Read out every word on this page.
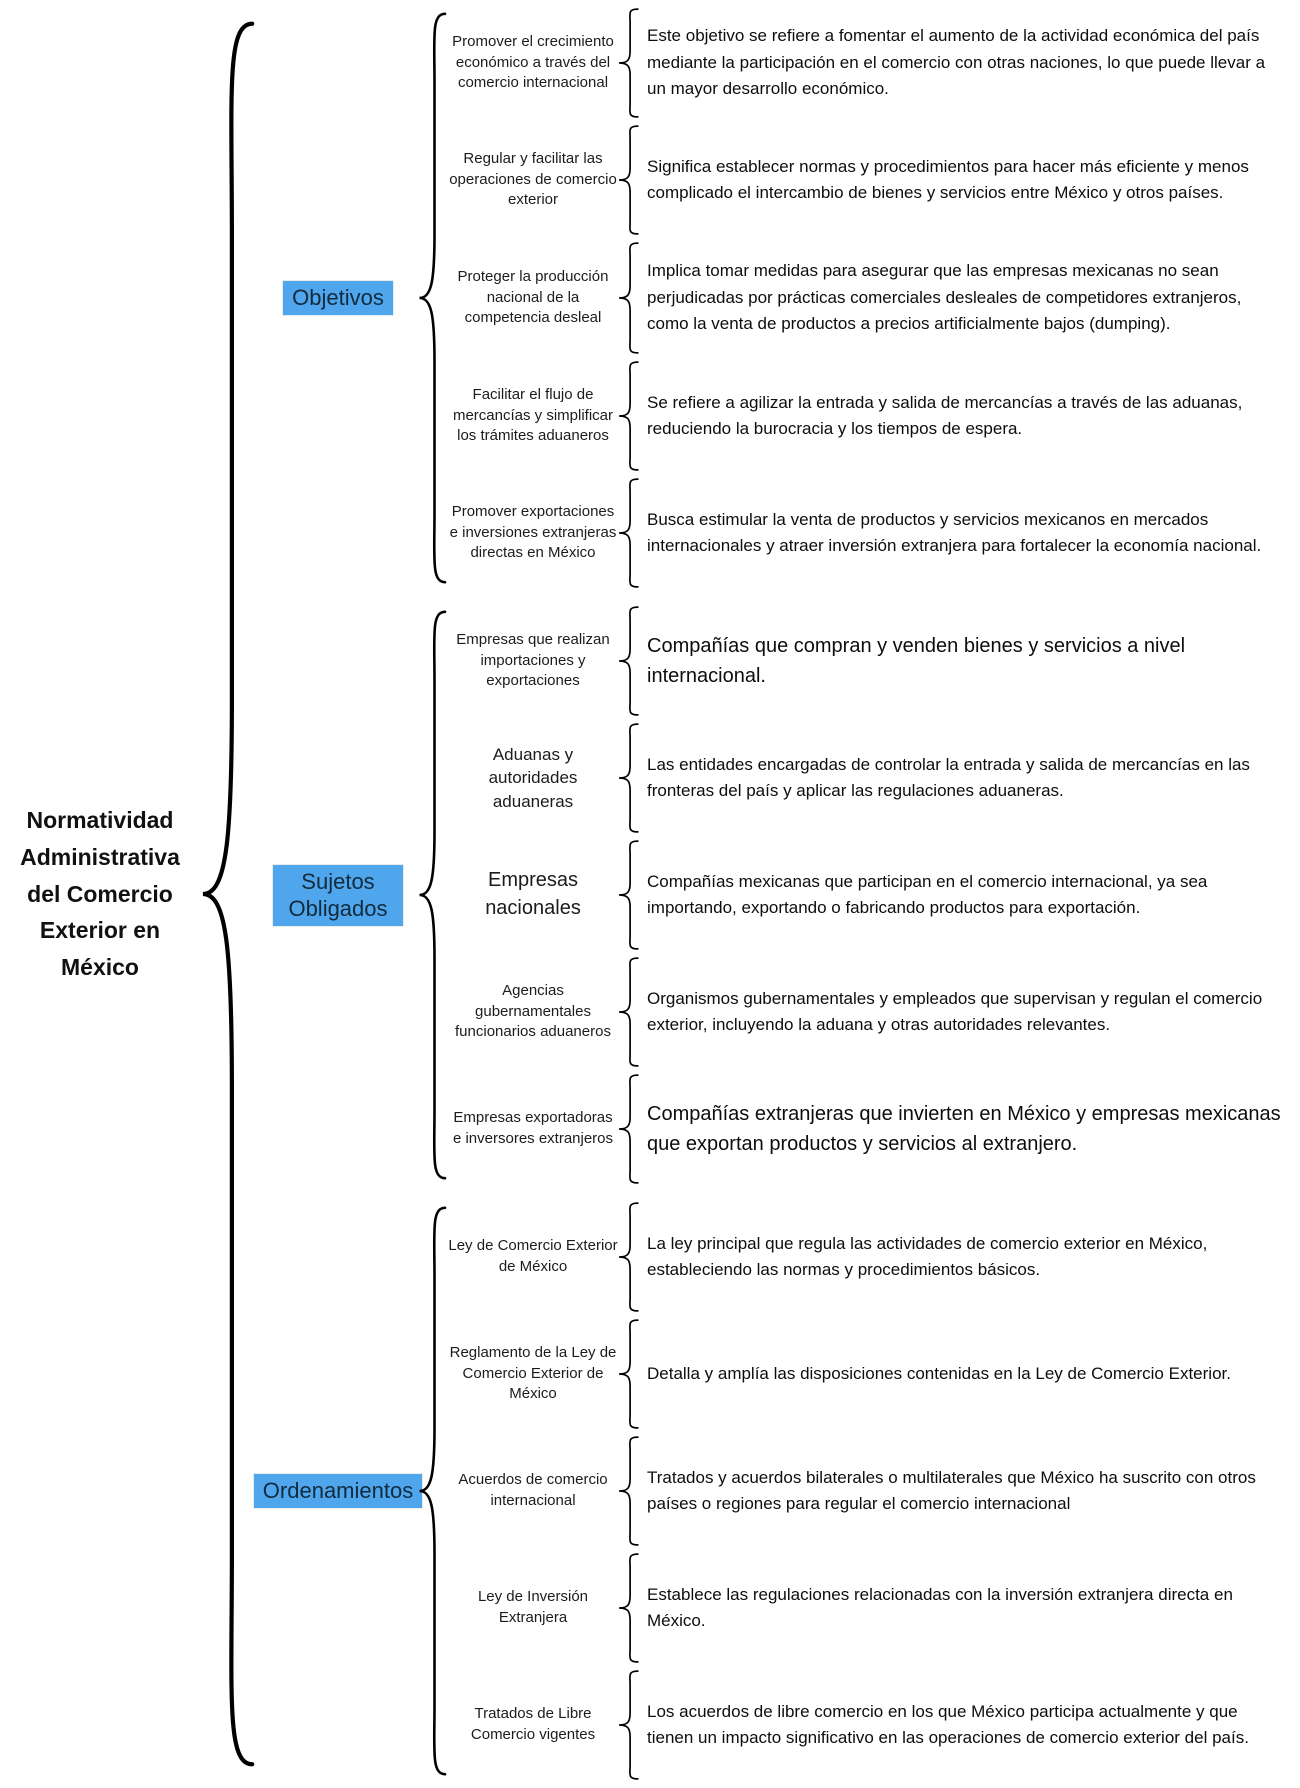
Normatividad Administrativa del Comercio Exterior en México
Objetivos
Promover el crecimiento económico a través del comercio internacional
Este objetivo se refiere a fomentar el aumento de la actividad económica del país mediante la participación en el comercio con otras naciones, lo que puede llevar a un mayor desarrollo económico.
Regular y facilitar las operaciones de comercio exterior
Significa establecer normas y procedimientos para hacer más eficiente y menos complicado el intercambio de bienes y servicios entre México y otros países.
Proteger la producción nacional de la competencia desleal
Implica tomar medidas para asegurar que las empresas mexicanas no sean perjudicadas por prácticas comerciales desleales de competidores extranjeros, como la venta de productos a precios artificialmente bajos (dumping).
Facilitar el flujo de mercancías y simplificar los trámites aduaneros
Se refiere a agilizar la entrada y salida de mercancías a través de las aduanas, reduciendo la burocracia y los tiempos de espera.
Promover exportaciones e inversiones extranjeras directas en México
Busca estimular la venta de productos y servicios mexicanos en mercados internacionales y atraer inversión extranjera para fortalecer la economía nacional.
Sujetos Obligados
Empresas que realizan importaciones y exportaciones
Compañías que compran y venden bienes y servicios a nivel internacional.
Aduanas y autoridades aduaneras
Las entidades encargadas de controlar la entrada y salida de mercancías en las fronteras del país y aplicar las regulaciones aduaneras.
Empresas nacionales
Compañías mexicanas que participan en el comercio internacional, ya sea importando, exportando o fabricando productos para exportación.
Agencias gubernamentales funcionarios aduaneros
Organismos gubernamentales y empleados que supervisan y regulan el comercio exterior, incluyendo la aduana y otras autoridades relevantes.
Empresas exportadoras e inversores extranjeros
Compañías extranjeras que invierten en México y empresas mexicanas que exportan productos y servicios al extranjero.
Ordenamientos
Ley de Comercio Exterior de México
La ley principal que regula las actividades de comercio exterior en México, estableciendo las normas y procedimientos básicos.
Reglamento de la Ley de Comercio Exterior de México
Detalla y amplía las disposiciones contenidas en la Ley de Comercio Exterior.
Acuerdos de comercio internacional
Tratados y acuerdos bilaterales o multilaterales que México ha suscrito con otros países o regiones para regular el comercio internacional
Ley de Inversión Extranjera
Establece las regulaciones relacionadas con la inversión extranjera directa en México.
Tratados de Libre Comercio vigentes
Los acuerdos de libre comercio en los que México participa actualmente y que tienen un impacto significativo en las operaciones de comercio exterior del país.
